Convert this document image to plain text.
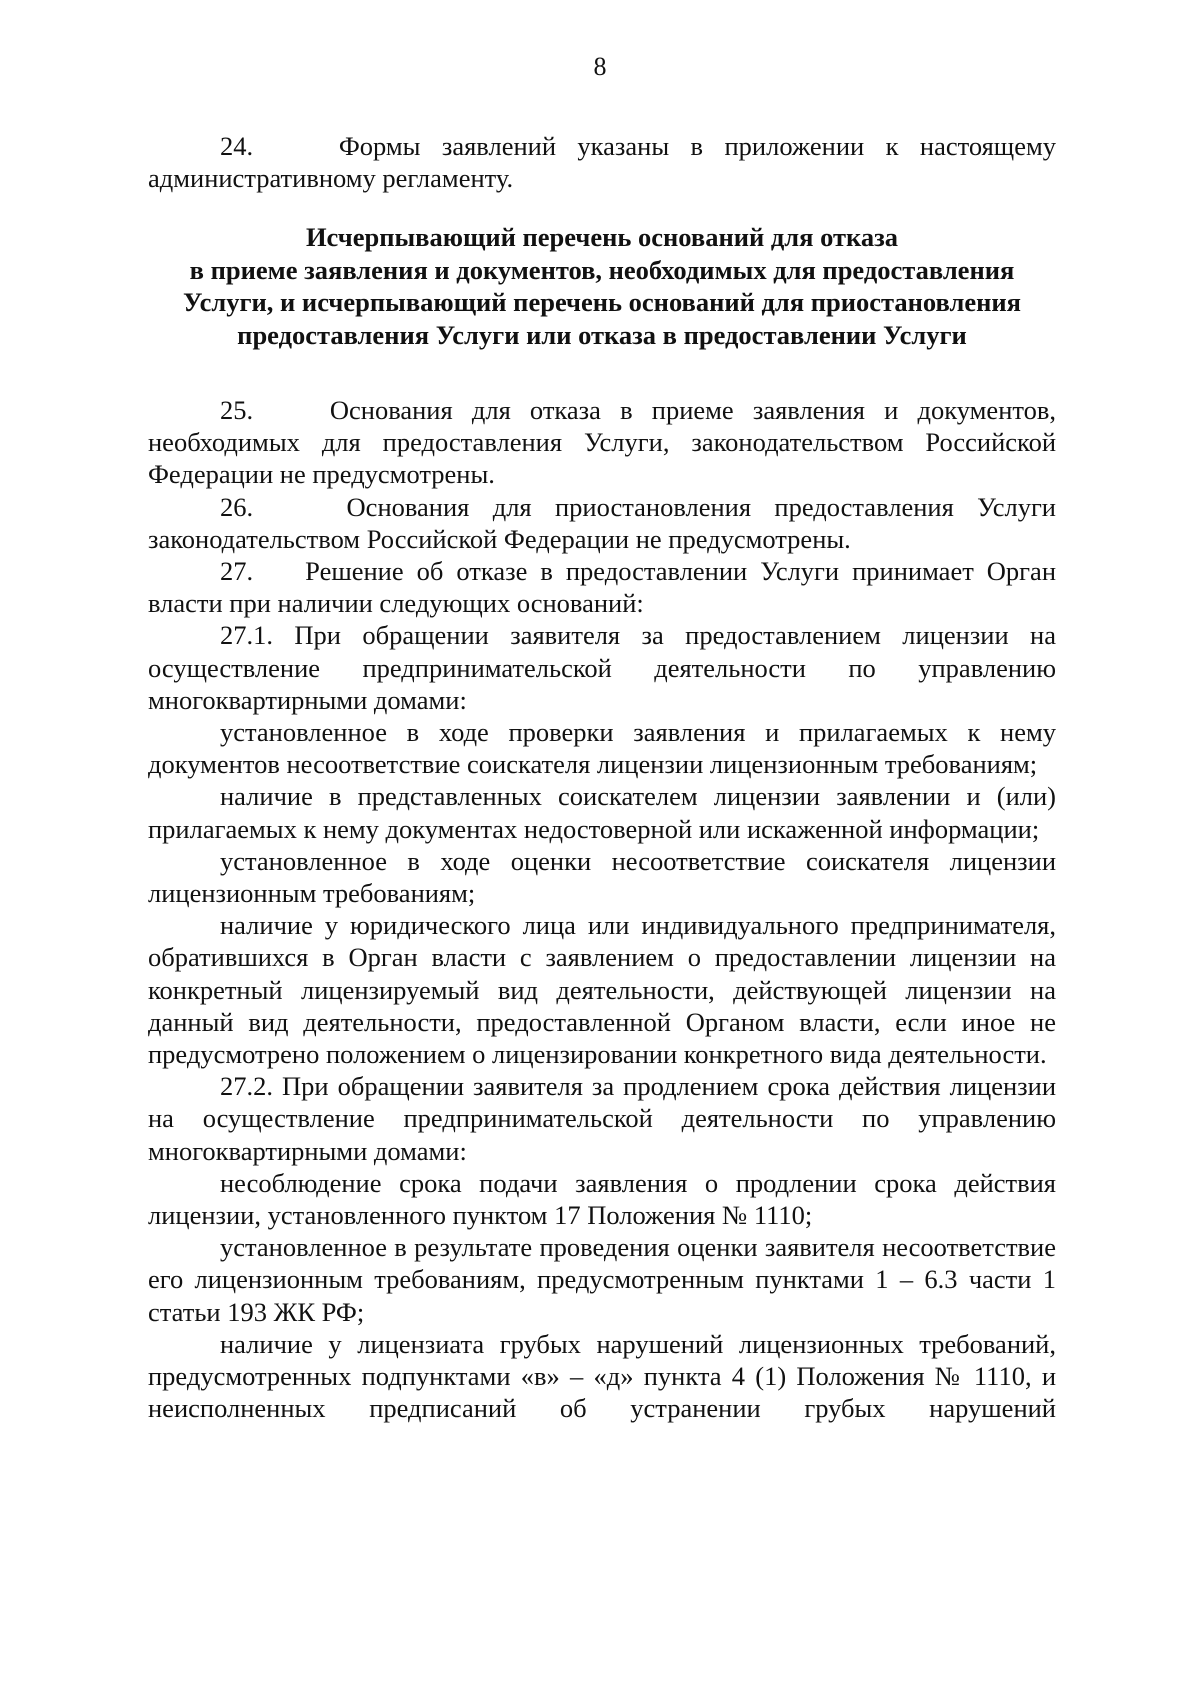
8

24.    Формы заявлений указаны в приложении к настоящему административному регламенту.

Исчерпывающий перечень оснований для отказа
в приеме заявления и документов, необходимых для предоставления
Услуги, и исчерпывающий перечень оснований для приостановления
предоставления Услуги или отказа в предоставлении Услуги

25.    Основания для отказа в приеме заявления и документов, необходимых для предоставления Услуги, законодательством Российской Федерации не предусмотрены.

26.    Основания для приостановления предоставления Услуги законодательством Российской Федерации не предусмотрены.

27.    Решение об отказе в предоставлении Услуги принимает Орган власти при наличии следующих оснований:

27.1. При обращении заявителя за предоставлением лицензии на осуществление предпринимательской деятельности по управлению многоквартирными домами:

установленное в ходе проверки заявления и прилагаемых к нему документов несоответствие соискателя лицензии лицензионным требованиям;

наличие в представленных соискателем лицензии заявлении и (или) прилагаемых к нему документах недостоверной или искаженной информации;

установленное в ходе оценки несоответствие соискателя лицензии лицензионным требованиям;

наличие у юридического лица или индивидуального предпринимателя, обратившихся в Орган власти с заявлением о предоставлении лицензии на конкретный лицензируемый вид деятельности, действующей лицензии на данный вид деятельности, предоставленной Органом власти, если иное не предусмотрено положением о лицензировании конкретного вида деятельности.

27.2. При обращении заявителя за продлением срока действия лицензии на осуществление предпринимательской деятельности по управлению многоквартирными домами:

несоблюдение срока подачи заявления о продлении срока действия лицензии, установленного пунктом 17 Положения № 1110;

установленное в результате проведения оценки заявителя несоответствие его лицензионным требованиям, предусмотренным пунктами 1 – 6.3 части 1 статьи 193 ЖК РФ;

наличие у лицензиата грубых нарушений лицензионных требований, предусмотренных подпунктами «в» – «д» пункта 4 (1) Положения № 1110, и неисполненных предписаний об устранении грубых нарушений
